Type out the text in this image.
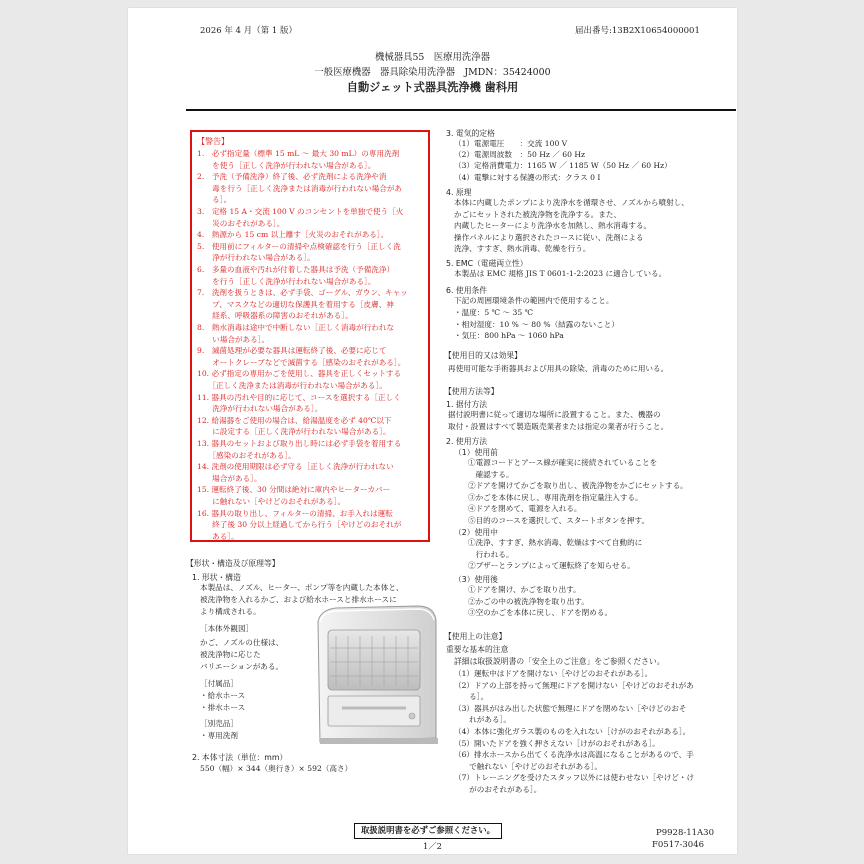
2026 年 4 月（第 1 版）	届出番号:13B2X10654000001
機械器具55　医療用洗浄器
一般医療機器　器具除染用洗浄器　JMDN：35424000
自動ジェット式器具洗浄機 歯科用
【警告】
1.　必ず指定量（標準 15 mL ～ 最大 30 mL）の専用洗剤
　　を使う［正しく洗浄が行われない場合がある］。
2.　予洗（予備洗浄）終了後、必ず洗剤による洗浄や消
　　毒を行う［正しく洗浄または消毒が行われない場合があ
　　る］。
3.　定格 15 A・交流 100 V のコンセントを単独で使う［火
　　災のおそれがある］。
4.　熱源から 15 cm 以上離す［火災のおそれがある］。
5.　使用前にフィルターの清掃や点検確認を行う［正しく洗
　　浄が行われない場合がある］。
6.　多量の血液や汚れが付着した器具は予洗（予備洗浄）
　　を行う［正しく洗浄が行われない場合がある］。
7.　洗剤を扱うときは、必ず手袋、ゴーグル、ガウン、キャッ
　　プ、マスクなどの適切な保護具を着用する［皮膚、神
　　経系、呼吸器系の障害のおそれがある］。
8.　熱水消毒は途中で中断しない［正しく消毒が行われな
　　い場合がある］。
9.　滅菌処理が必要な器具は運転終了後、必要に応じて
　　オートクレーブなどで滅菌する［感染のおそれがある］。
10. 必ず指定の専用かごを使用し、器具を正しくセットする
　　［正しく洗浄または消毒が行われない場合がある］。
11. 器具の汚れや目的に応じて、コースを選択する［正しく
　　洗浄が行われない場合がある］。
12. 給湯器をご使用の場合は、給湯温度を必ず 40℃以下
　　に設定する［正しく洗浄が行われない場合がある］。
13. 器具のセットおよび取り出し時には必ず手袋を着用する
　　［感染のおそれがある］。
14. 洗剤の使用期限は必ず守る［正しく洗浄が行われない
　　場合がある］。
15. 運転終了後、30 分間は絶対に庫内やヒーターカバー
　　に触れない［やけどのおそれがある］。
16. 器具の取り出し、フィルターの清掃、お手入れは運転
　　終了後 30 分以上経過してから行う［やけどのおそれが
　　ある］。
【形状・構造及び原理等】
1. 形状・構造
本製品は、ノズル、ヒーター、ポンプ等を内蔵した本体と、
被洗浄物を入れるかご、および給水ホースと排水ホースに
より構成される。
［本体外観図］
かご、ノズルの仕様は、
被洗浄物に応じた
バリエーションがある。
［付属品］
・給水ホース
・排水ホース
［別売品］
・専用洗剤
2. 本体寸法（単位：mm）
550（幅）× 344（奥行き）× 592（高さ）
3. 電気的定格
（1）電源電圧　　：交流 100 V
（2）電源周波数　：50 Hz ／ 60 Hz
（3）定格消費電力：1165 W ／ 1185 W（50 Hz ／ 60 Hz）
（4）電撃に対する保護の形式：クラス 0 Ⅰ
4. 原理
本体に内蔵したポンプにより洗浄水を循環させ、ノズルから噴射し、
かごにセットされた被洗浄物を洗浄する。また、
内蔵したヒーターにより洗浄水を加熱し、熱水消毒する。
操作パネルにより選択されたコースに従い、洗剤による
洗浄、すすぎ、熱水消毒、乾燥を行う。
5. EMC（電磁両立性）
本製品は EMC 規格 JIS T 0601-1-2:2023 に適合している。
6. 使用条件
下記の周囲環境条件の範囲内で使用すること。
・温度：5 ℃ ～ 35 ℃
・相対湿度：10 % ～ 80 %（結露のないこと）
・気圧：800 hPa ～ 1060 hPa
【使用目的又は効果】
再使用可能な手術器具および用具の除染、消毒のために用いる。
【使用方法等】
1. 据付方法
据付説明書に従って適切な場所に設置すること。また、機器の
取付・設置はすべて製造販売業者または指定の業者が行うこと。
2. 使用方法
（1）使用前
①電源コードとアース線が確実に接続されていることを
　確認する。
②ドアを開けてかごを取り出し、被洗浄物をかごにセットする。
③かごを本体に戻し、専用洗剤を指定量注入する。
④ドアを閉めて、電源を入れる。
⑤目的のコースを選択して、スタートボタンを押す。
（2）使用中
①洗浄、すすぎ、熱水消毒、乾燥はすべて自動的に
　行われる。
②ブザーとランプによって運転終了を知らせる。
（3）使用後
①ドアを開け、かごを取り出す。
②かごの中の被洗浄物を取り出す。
③空のかごを本体に戻し、ドアを閉める。
【使用上の注意】
重要な基本的注意
詳細は取扱説明書の「安全上のご注意」をご参照ください。
（1）運転中はドアを開けない［やけどのおそれがある］。
（2）ドアの上部を持って無理にドアを開けない［やけどのおそれがあ
　　る］。
（3）器具がはみ出した状態で無理にドアを閉めない［やけどのおそ
　　れがある］。
（4）本体に強化ガラス製のものを入れない［けがのおそれがある］。
（5）開いたドアを強く押さえない［けがのおそれがある］。
（6）排水ホースから出てくる洗浄水は高温になることがあるので、手
　　で触れない［やけどのおそれがある］。
（7）トレーニングを受けたスタッフ以外には使わせない［やけど・け
　　がのおそれがある］。
取扱説明書を必ずご参照ください。
1／2
P9928-11A30
F0517-3046
